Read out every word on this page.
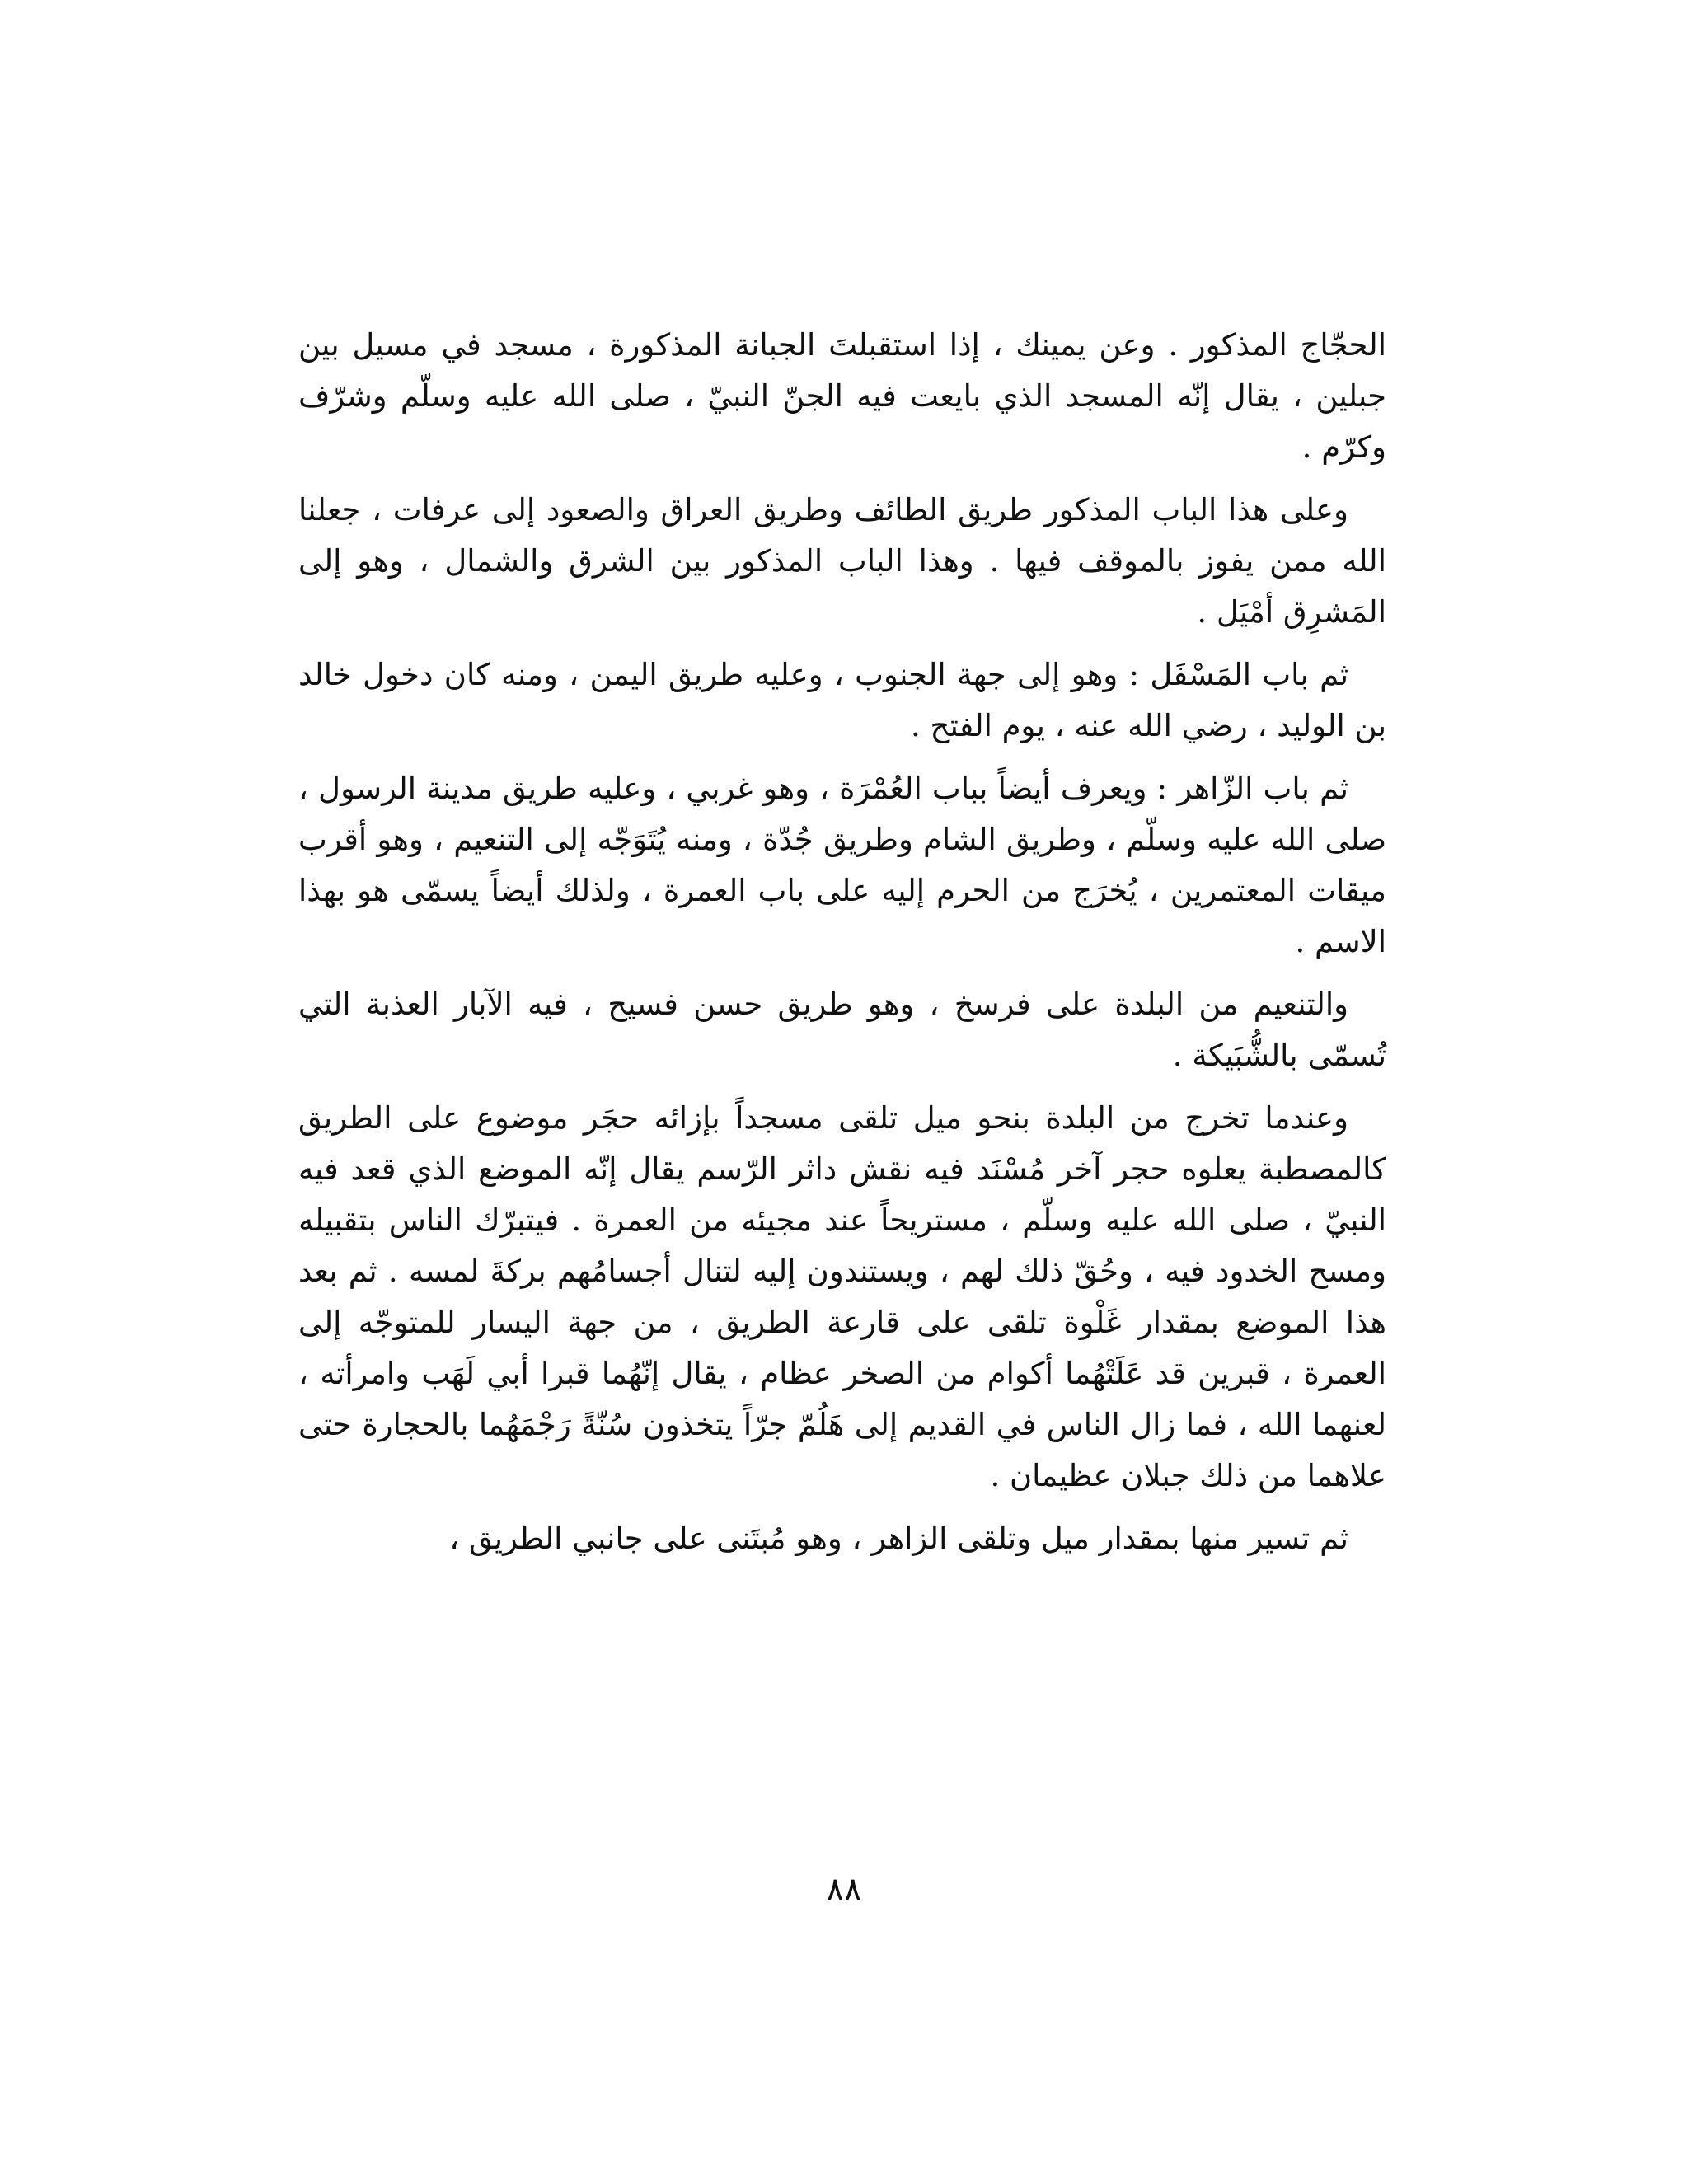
الحجّاج المذكور . وعن يمينك ، إذا استقبلتَ الجبانة المذكورة ، مسجد في مسيل بين جبلين ، يقال إنّه المسجد الذي بايعت فيه الجنّ النبيّ ، صلى الله عليه وسلّم وشرّف وكرّم .

وعلى هذا الباب المذكور طريق الطائف وطريق العراق والصعود إلى عرفات ، جعلنا الله ممن يفوز بالموقف فيها . وهذا الباب المذكور بين الشرق والشمال ، وهو إلى المَشرِق أمْيَل .

ثم باب المَسْفَل : وهو إلى جهة الجنوب ، وعليه طريق اليمن ، ومنه كان دخول خالد بن الوليد ، رضي الله عنه ، يوم الفتح .

ثم باب الزّاهر : ويعرف أيضاً بباب العُمْرَة ، وهو غربي ، وعليه طريق مدينة الرسول ، صلى الله عليه وسلّم ، وطريق الشام وطريق جُدّة ، ومنه يُتَوَجّه إلى التنعيم ، وهو أقرب ميقات المعتمرين ، يُخرَج من الحرم إليه على باب العمرة ، ولذلك أيضاً يسمّى هو بهذا الاسم .

والتنعيم من البلدة على فرسخ ، وهو طريق حسن فسيح ، فيه الآبار العذبة التي تُسمّى بالشُّبَيكة .

وعندما تخرج من البلدة بنحو ميل تلقى مسجداً بإزائه حجَر موضوع على الطريق كالمصطبة يعلوه حجر آخر مُسْنَد فيه نقش داثر الرّسم يقال إنّه الموضع الذي قعد فيه النبيّ ، صلى الله عليه وسلّم ، مستريحاً عند مجيئه من العمرة . فيتبرّك الناس بتقبيله ومسح الخدود فيه ، وحُقّ ذلك لهم ، ويستندون إليه لتنال أجسامُهم بركةَ لمسه . ثم بعد هذا الموضع بمقدار غَلْوة تلقى على قارعة الطريق ، من جهة اليسار للمتوجّه إلى العمرة ، قبرين قد عَلَتْهُما أكوام من الصخر عظام ، يقال إنّهُما قبرا أبي لَهَب وامرأته ، لعنهما الله ، فما زال الناس في القديم إلى هَلُمّ جرّاً يتخذون سُنّةً رَجْمَهُما بالحجارة حتى علاهما من ذلك جبلان عظيمان .

ثم تسير منها بمقدار ميل وتلقى الزاهر ، وهو مُبتَنى على جانبي الطريق ،

٨٨
